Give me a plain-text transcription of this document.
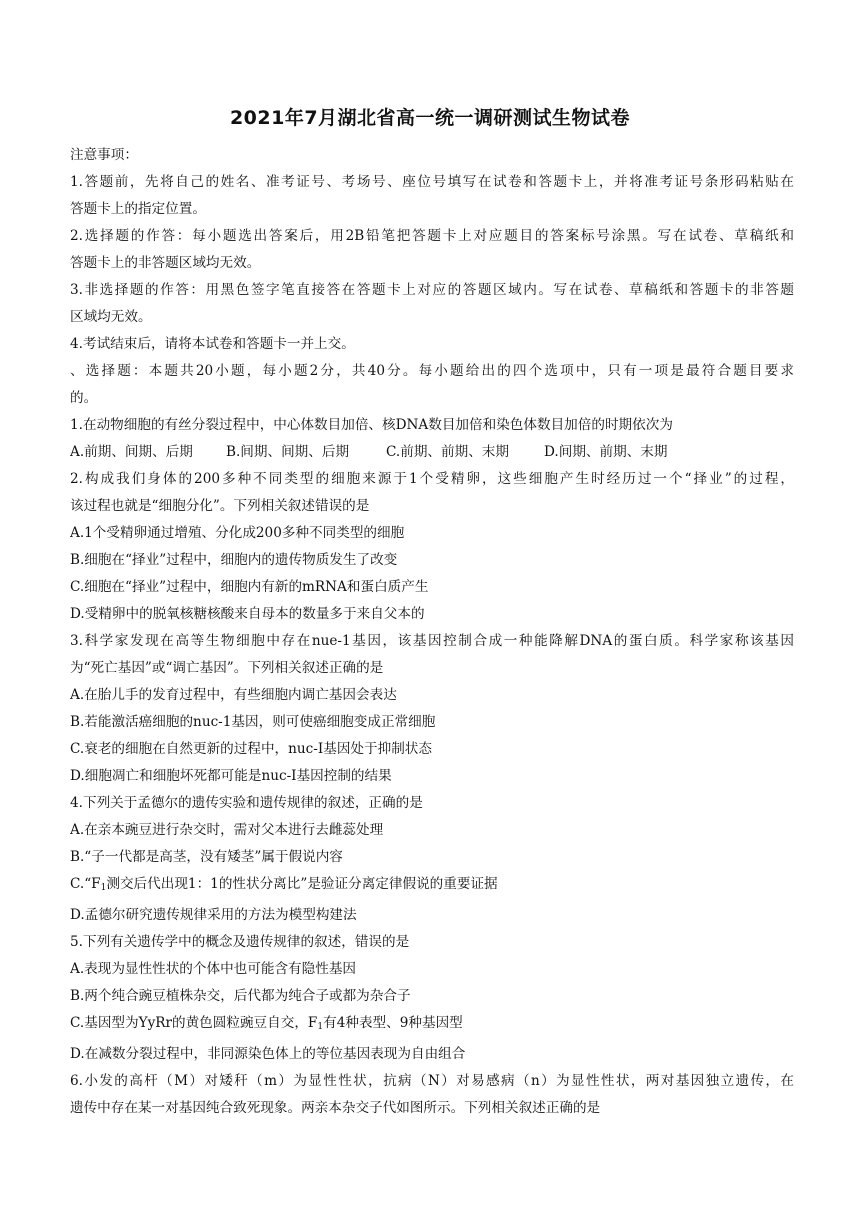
2021年7月湖北省高一统一调研测试生物试卷
注意事项：
1.答题前，先将自己的姓名、准考证号、考场号、座位号填写在试卷和答题卡上，并将准考证号条形码粘贴在
答题卡上的指定位置。
2.选择题的作答：每小题选出答案后，用2B铅笔把答题卡上对应题目的答案标号涂黑。写在试卷、草稿纸和
答题卡上的非答题区域均无效。
3.非选择题的作答：用黑色签字笔直接答在答题卡上对应的答题区域内。写在试卷、草稿纸和答题卡的非答题
区域均无效。
4.考试结束后，请将本试卷和答题卡一并上交。
、选择题：本题共20小题，每小题2分，共40分。每小题给出的四个选项中，只有一项是最符合题目要求
的。
1.在动物细胞的有丝分裂过程中，中心体数目加倍、核DNA数目加倍和染色体数目加倍的时期依次为
A.前期、间期、后期 B.间期、间期、后期	C.前期、前期、末期	D.间期、前期、末期
2.构成我们身体的200多种不同类型的细胞来源于1个受精卵，这些细胞产生时经历过一个“择业”的过程，
该过程也就是“细胞分化”。下列相关叙述错误的是
A.1个受精卵通过增殖、分化成200多种不同类型的细胞
B.细胞在“择业”过程中，细胞内的遗传物质发生了改变
C.细胞在“择业”过程中，细胞内有新的mRNA和蛋白质产生
D.受精卵中的脱氧核糖核酸来自母本的数量多于来自父本的
3.科学家发现在高等生物细胞中存在nue-1基因，该基因控制合成一种能降解DNA的蛋白质。科学家称该基因
为“死亡基因”或“调亡基因”。下列相关叙述正确的是
A.在胎儿手的发育过程中，有些细胞内调亡基因会表达
B.若能激活癌细胞的nuc-1基因，则可使癌细胞变成正常细胞
C.衰老的细胞在自然更新的过程中，nuc-I基因处于抑制状态
D.细胞凋亡和细胞坏死都可能是nuc-I基因控制的结果
4.下列关于孟德尔的遗传实验和遗传规律的叙述，正确的是
A.在亲本豌豆进行杂交时，需对父本进行去雌蕊处理
B.“子一代都是高茎，没有矮茎”属于假说内容
$C.“F_1$测交后代出现1：1的性状分离比”是验证分离定律假说的重要证据
D.孟德尔研究遗传规律采用的方法为模型构建法
5.下列有关遗传学中的概念及遗传规律的叙述，错误的是
A.表现为显性性状的个体中也可能含有隐性基因
B.两个纯合豌豆植株杂交，后代都为纯合子或都为杂合子
C.基因型为YyRr的黄色圆粒豌豆自交，$F_1$有4种表型、9种基因型
D.在减数分裂过程中，非同源染色体上的等位基因表现为自由组合
6.小发的高杆（M）对矮秆（m）为显性性状，抗病（N）对易感病（n）为显性性状，两对基因独立遗传，在
遗传中存在某一对基因纯合致死现象。两亲本杂交子代如图所示。下列相关叙述正确的是
